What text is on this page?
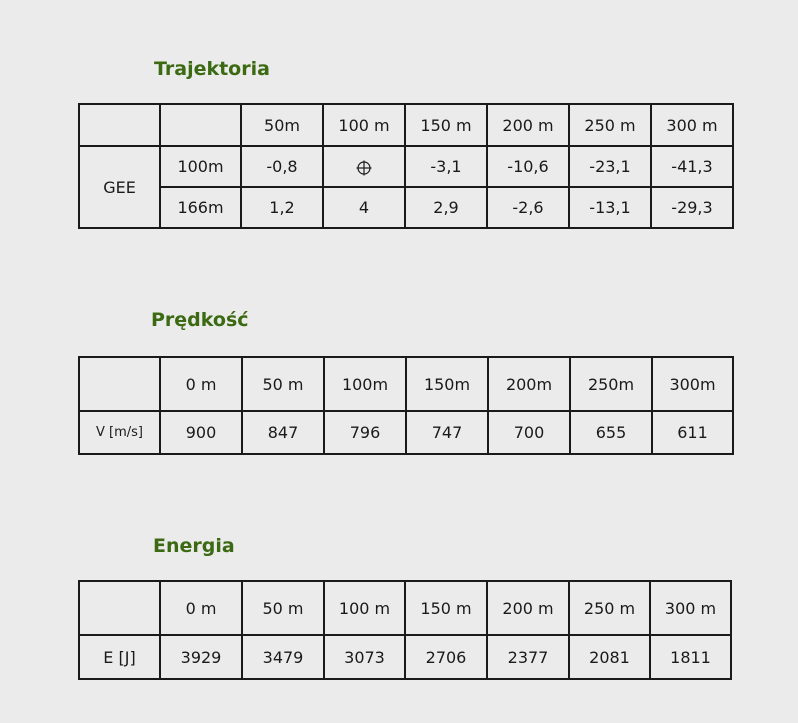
Trajektoria
		50m	100 m	150 m	200 m	250 m	300 m
GEE	100m	-0,8		-3,1	-10,6	-23,1	-41,3
	166m	1,2	4	2,9	-2,6	-13,1	-29,3
Prędkość
	0 m	50 m	100m	150m	200m	250m	300m
V [m/s]	900	847	796	747	700	655	611
Energia
	0 m	50 m	100 m	150 m	200 m	250 m	300 m
E [J]	3929	3479	3073	2706	2377	2081	1811
